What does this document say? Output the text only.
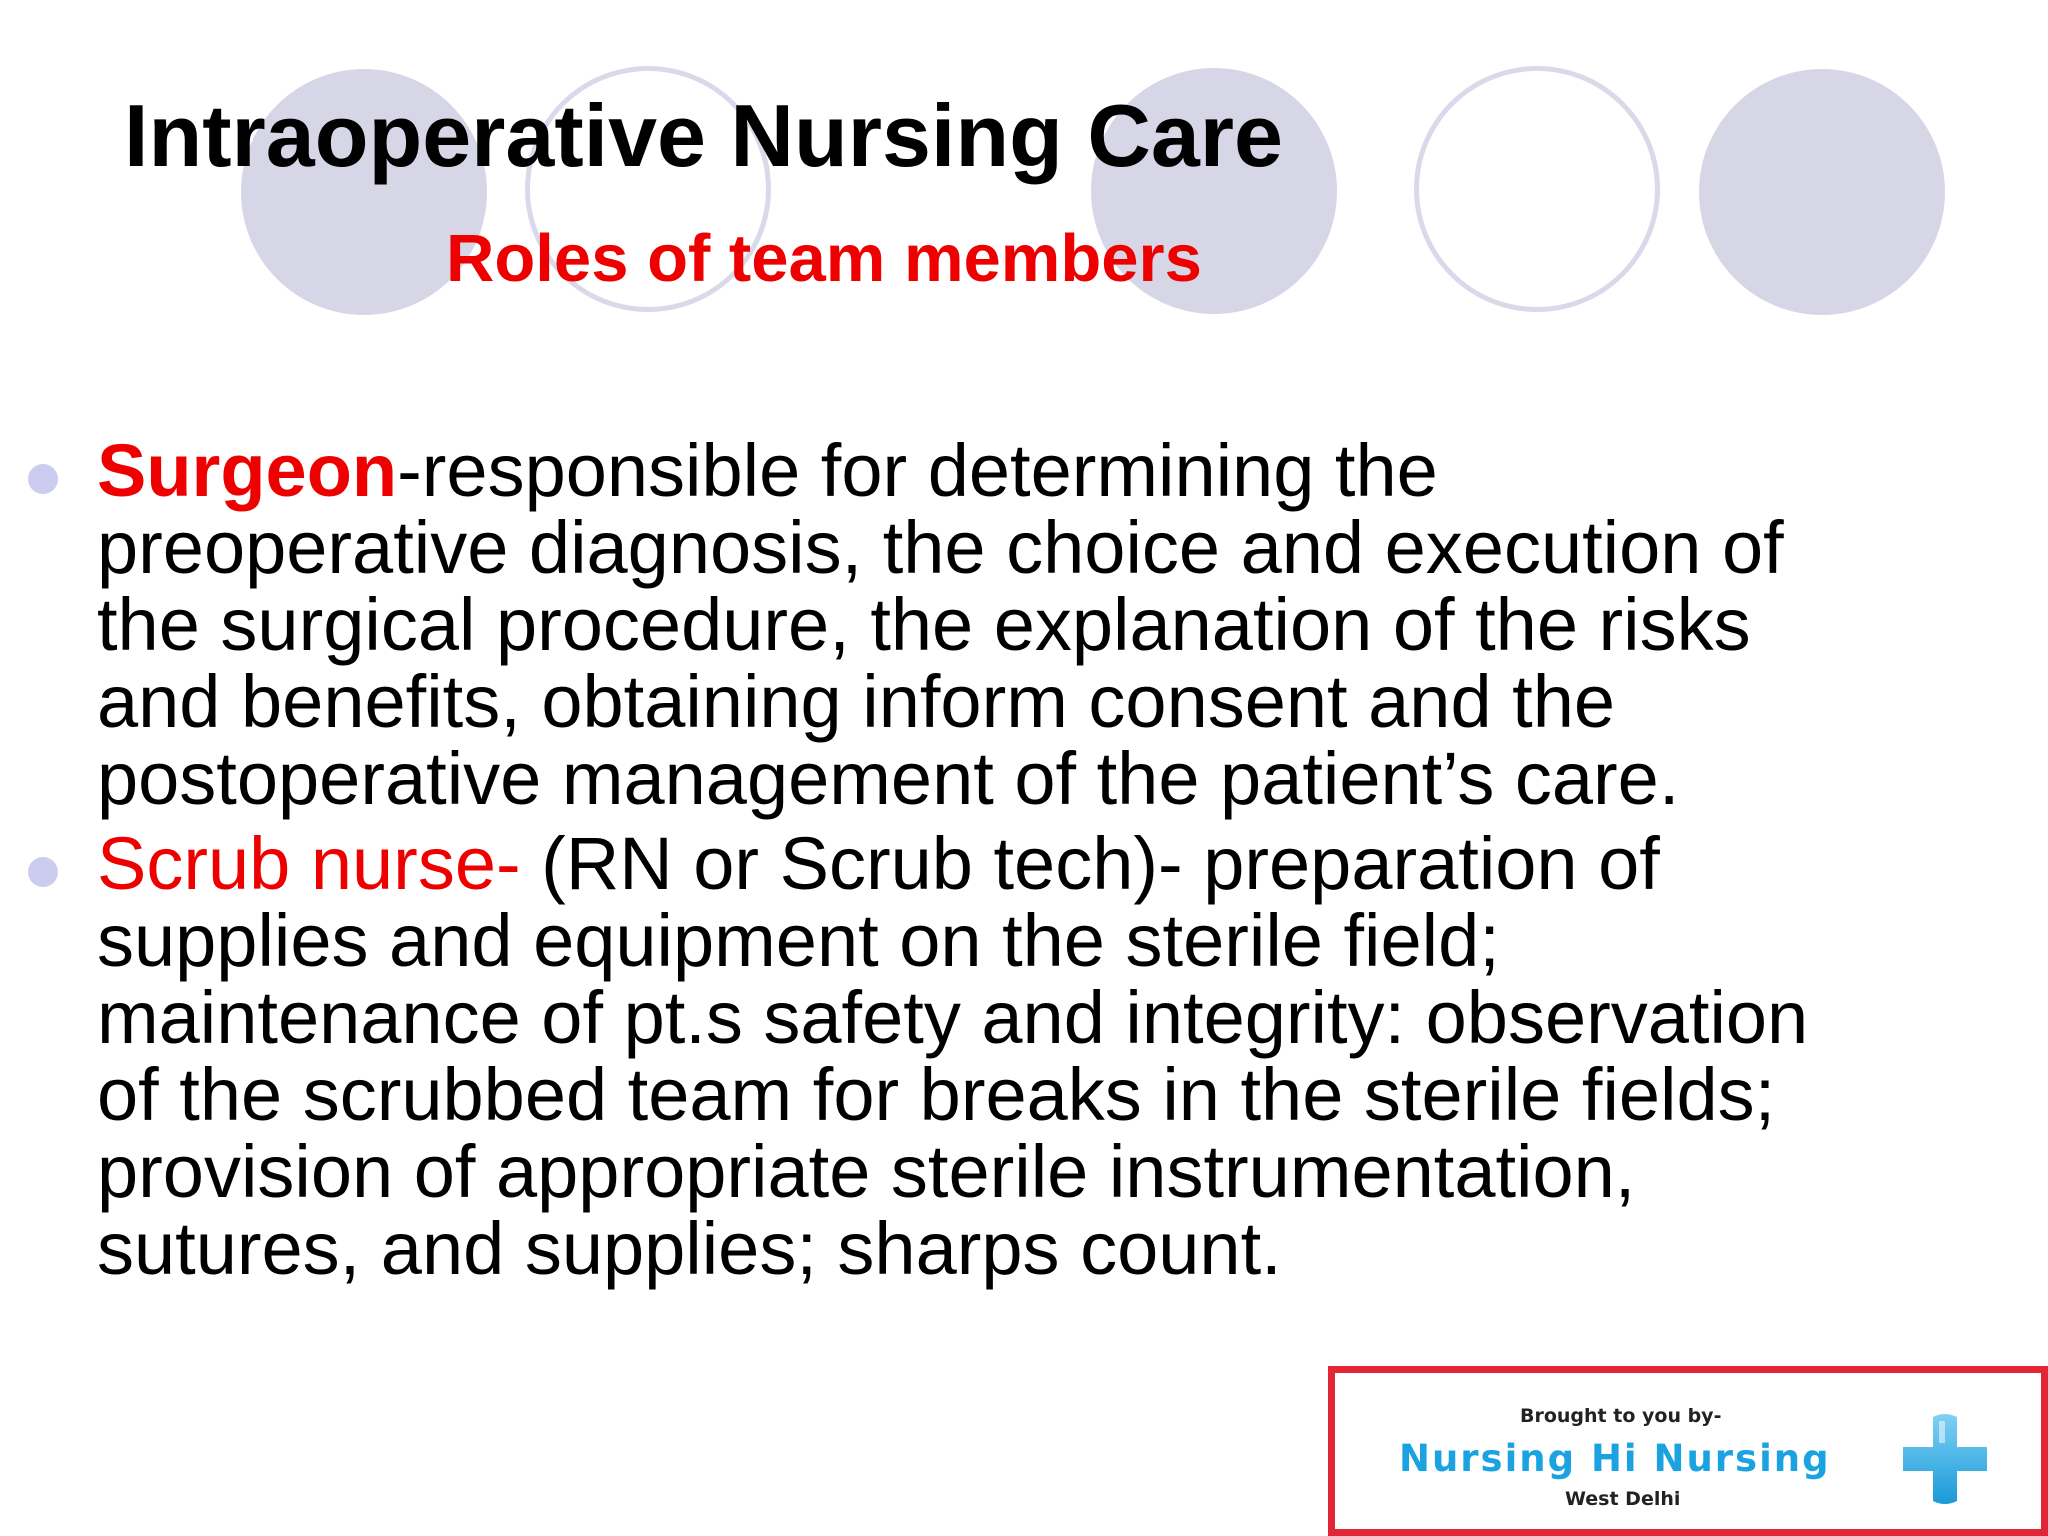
Intraoperative Nursing Care
Roles of team members
Surgeon-responsible for determining the
preoperative diagnosis, the choice and execution of
the surgical procedure, the explanation of the risks
and benefits, obtaining inform consent and the
postoperative management of the patient’s care.
Scrub nurse- (RN or Scrub tech)- preparation of
supplies and equipment on the sterile field;
maintenance of pt.s safety and integrity: observation
of the scrubbed team for breaks in the sterile fields;
provision of appropriate sterile instrumentation,
sutures, and supplies; sharps count.
Brought to you by-
Nursing Hi Nursing
West Delhi
